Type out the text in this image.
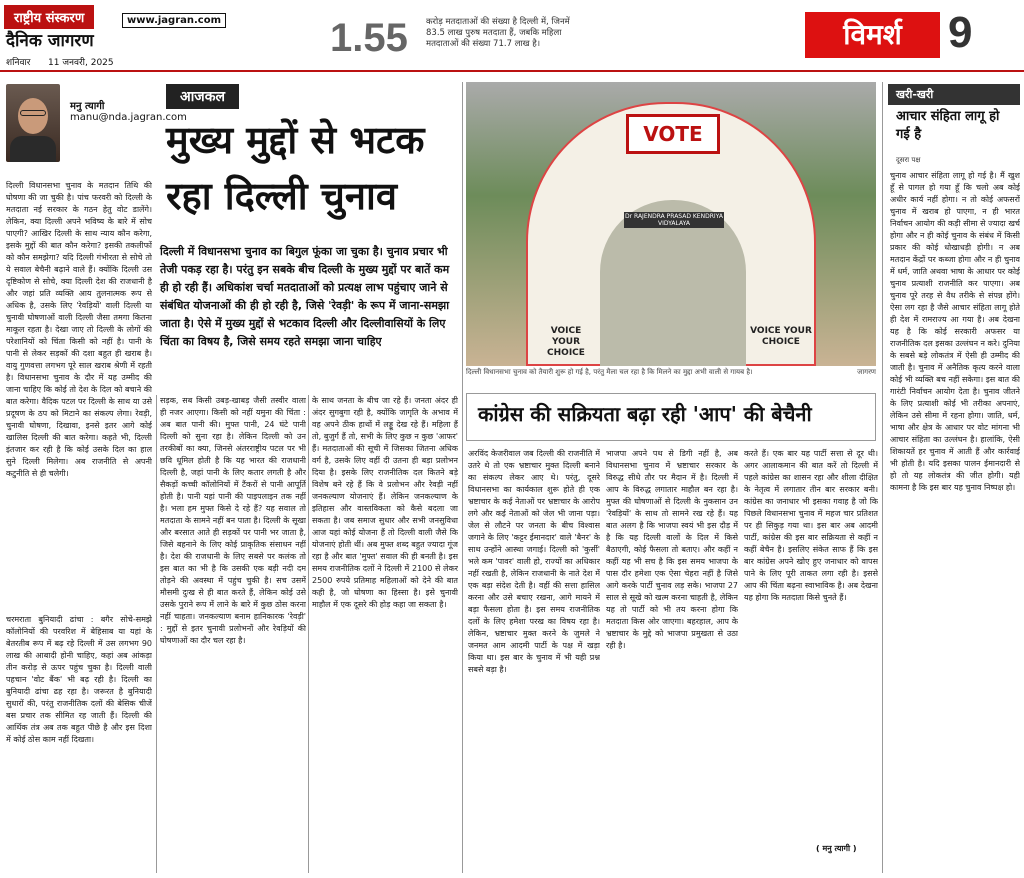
राष्ट्रीय संस्करण	www.jagran.com
दैनिक जागरण
शनिवार 11 जनवरी, 2025
1.55 करोड़ मतदाताओं की संख्या है दिल्ली में, जिनमें 83.5 लाख पुरुष मतदाता हैं, जबकि महिला मतदाताओं की संख्या 71.7 लाख है।	विमर्श	9
मनु त्यागी
manu@nda.jagran.com
आजकल
मुख्य मुद्दों से भटक रहा दिल्ली चुनाव
दिल्ली में विधानसभा चुनाव का बिगुल फूंका जा चुका है। चुनाव प्रचार भी तेजी पकड़ रहा है। परंतु इन सबके बीच दिल्ली के मुख्य मुद्दों पर बातें कम ही हो रही हैं। अधिकांश चर्चा मतदाताओं को प्रत्यक्ष लाभ पहुंचाए जाने से संबंधित योजनाओं की ही हो रही है, जिसे 'रेवड़ी' के रूप में जाना-समझा जाता है। ऐसे में मुख्य मुद्दों से भटकाव दिल्ली और दिल्लीवासियों के लिए चिंता का विषय है, जिसे समय रहते समझा जाना चाहिए
दिल्ली विधानसभा चुनाव के मतदान तिथि की घोषणा की जा चुकी है। पांच फरवरी को दिल्ली के मतदाता नई सरकार के गठन हेतु वोट डालेंगे। लेकिन, क्या दिल्ली अपने भविष्य के बारे में सोच पाएगी? आखिर दिल्ली के साथ न्याय कौन करेगा, इसके मुद्दों की बात कौन करेगा? इसकी तकलीफों को कौन समझेगा? यदि दिल्ली गंभीरता से सोचे तो ये सवाल बेचैनी बढ़ाने वाले हैं। क्योंकि दिल्ली उस दृष्टिकोण से सोचे, क्या दिल्ली देश की राजधानी है और जहां प्रति व्यक्ति आय तुलनात्मक रूप से अधिक है, उसके लिए 'रेवड़ियों' वाली दिल्ली या चुनावी घोषणाओं वाली दिल्ली जैसा तमगा कितना माकूल रहता है। देखा जाए तो दिल्ली के लोगों की परेशानियों को चिंता किसी को नहीं है। पानी के पानी से लेकर सड़कों की दशा बहुत ही खराब है। वायु गुणवत्ता लगभग पूरे साल खराब श्रेणी में रहती है। विधानसभा चुनाव के दौर में यह उम्मीद की जाना चाहिए कि कोई तो देश के दिल को बचाने की बात करेगा। वैदिक पटल पर दिल्ली के साथ या उसे प्रदूषण के ठप को मिटाने का संकल्प लेगा। रेवड़ी, चुनावी घोषणा, दिखावा, इनसे इतर आगे कोई खालिस दिल्ली की बात करेगा। कहते भी, दिल्ली इंतजार कर रही है कि कोई उसके दिल का हाल सुने दिल्ली मिलेगा। अब राजनीति से अपनी कटुनीति से ही चलेगी।
चरमराता बुनियादी ढांचा : बगैर सोचे-समझे कॉलोनियों की परवरिश में बेहिसाब या यहां के बेतरतीब रूप में बढ़ रहे दिल्ली में उस लगभग 90 लाख की आबादी होनी चाहिए, कहां अब आंकड़ा तीन करोड़ से ऊपर पहुंच चुका है। दिल्ली वाली पहचान 'वोट बैंक' भी बढ़ रही है। दिल्ली का बुनियादी ढांचा ढह रहा है। जरूरत है बुनियादी सुधारों की, परंतु राजनीतिक दलों की बेसिक चीजें बस प्रचार तक सीमित रह जाती हैं। दिल्ली की आर्थिक तंत्र अब तक बहुत पीछे है और इस दिशा में कोई ठोस काम नहीं दिखता।
सड़क, सब किसी उबड़-खाबड़ जैसी तस्वीर वाला ही नजर आएगा। किसी को नहीं यमुना की चिंता : अब बात पानी की। मुफ्त पानी, 24 घंटे पानी दिल्ली को सुना रहा है। लेकिन दिल्ली को उन तरकीबों का क्या, जिनसे अंतरराष्ट्रीय पटल पर भी छवि धूमिल होती है कि यह भारत की राजधानी दिल्ली है, जहां पानी के लिए कतार लगती है और सैकड़ों कच्ची कॉलोनियों में टैंकरों से पानी आपूर्ति होती है। पानी यहां पानी की पाइपलाइन तक नहीं है। भला हम मुफ्त किसे दे रहे हैं? यह सवाल तो मतदाता के सामने नहीं बन पाता है। दिल्ली के सूखा और बरसात आते ही सड़कों पर पानी भर जाता है, जिसे बहनाने के लिए कोई प्राकृतिक संसाधन नहीं है। देश की राजधानी के लिए सबसे पर कलंक तो इस बात का भी है कि उसकी एक बड़ी नदी दम तोड़ने की अवस्था में पहुंच चुकी है। सच उसमें मौसमी दुःख से ही बात करते हैं, लेकिन कोई उसे उसके पुराने रूप में लाने के बारे में कुछ ठोस करना नहीं चाहता। जनकल्याण बनाम हानिकारक 'रेवड़ी' : मुद्दों से इतर चुनावी प्रलोभनों और रेवड़ियों की घोषणाओं का दौर चल रहा है।
के साथ जनता के बीच जा रहे हैं। जनता अंदर ही अंदर सुगबुगा रही है, क्योंकि जागृति के अभाव में वह अपने ठीक हाथों में लड्डू देख रहे हैं। महिला हैं तो, बुजुर्ग हैं तो, सभी के लिए कुछ न कुछ 'आफर' हैं। मतदाताओं की सूची में जिसका जितना अधिक वर्ग है, उसके लिए वहीं दी उतना ही बड़ा प्रलोभन दिया है। इसके लिए राजनीतिक दल कितने बड़े विशेष बने रहे हैं कि वे प्रलोभन और रेवड़ी नहीं जनकल्याण योजनाएं हैं। लेकिन जनकल्याण के इतिहास और वास्तविकता को कैसे बदला जा सकता है। जब समाज सुधार और सभी जनसुविधा आज यहां कोई योजना हैं तो दिल्ली वाली जैसे कि योजनाएं होती थीं। अब मुफ्त शब्द बहुत ज्यादा गूंज रहा है और बात 'मुफ्त' सवाल की ही बनती है। इस समय राजनीतिक दलों ने दिल्ली में 2100 से लेकर 2500 रुपये प्रतिमाह महिलाओं को देने की बात कही है, जो घोषणा का हिस्सा है। इसे चुनावी माहौल में एक दूसरे की होड़ कहा जा सकता है।
VOTE
Dr RAJENDRA PRASAD KENDRIYA VIDYALAYA
VOICE YOUR CHOICE
VOICE YOUR CHOICE
दिल्ली विधानसभा चुनाव को तैयारी शुरू हो गई है, परंतु मैला चल रहा है कि मिलने का मुद्दा अभी वाली से गायब है।	जागरण
कांग्रेस की सक्रियता बढ़ा रही 'आप' की बेचैनी
अरविंद केजरीवाल जब दिल्ली की राजनीति में उतरे थे तो एक भ्रष्टाचार मुक्त दिल्ली बनाने का संकल्प लेकर आए थे। परंतु, दूसरे विधानसभा का कार्यकाल शुरू होते ही एक भ्रष्टाचार के कई नेताओं पर भ्रष्टाचार के आरोप लगे और कई नेताओं को जेल भी जाना पड़ा। जेल से लौटने पर जनता के बीच विश्वास जगाने के लिए 'कट्टर ईमानदार' वाले 'बैनर' के साथ उन्होंने आस्था जगाई। दिल्ली को 'कुर्सी' भले कम 'पावर' वाली हो, राज्यों का अधिकार नहीं रखती है, लेकिन राजधानी के नाते देश में एक बड़ा संदेश देती है। वहीं की सत्ता हासिल करना और उसे बचाए रखना, आगे मायने में बड़ा फैसला होता है। इस समय राजनीतिक दलों के लिए हमेशा परख का विषय रहा है। लेकिन, भ्रष्टाचार मुक्त करने के जुमले ने जनमत आम आदमी पार्टी के पक्ष में खड़ा किया था। इस बार के चुनाव में भी यही प्रश्न सबसे बड़ा है।
भाजपा अपने पथ से डिगी नहीं है, अब विधानसभा चुनाव में भ्रष्टाचार सरकार के विरुद्ध सीधे तौर पर मैदान में है। दिल्ली में आप के विरुद्ध लगातार माहौल बन रहा है। मुफ्त की घोषणाओं से दिल्ली के नुकसान उन 'रेवड़ियों' के साथ तो सामने रख रहे हैं। यह बात अलग है कि भाजपा स्वयं भी इस दौड़ में है कि यह दिल्ली वालों के दिल में किसे बैठाएगी, कोई फैसला तो बताए। और कहीं न कहीं यह भी सच है कि इस समय भाजपा के पास दौर हमेशा एक ऐसा चेहरा नहीं है जिसे आगे करके पार्टी चुनाव लड़ सके। भाजपा 27 साल से सूखे को खत्म करना चाहती है, लेकिन यह तो पार्टी को भी तय करना होगा कि मतदाता किस ओर जाएगा। बहरहाल, आप के भ्रष्टाचार के मुद्दे को भाजपा प्रमुखता से उठा रही है।
करते हैं। एक बार यह पार्टी सत्ता से दूर थी। अगर आलाकमान की बात करें तो दिल्ली में पहले कांग्रेस का शासन रहा और शीला दीक्षित के नेतृत्व में लगातार तीन बार सरकार बनी। कांग्रेस का जनाधार भी इसका गवाह है जो कि पिछले विधानसभा चुनाव में महज चार प्रतिशत पर ही सिकुड़ गया था। इस बार अब आदमी पार्टी, कांग्रेस की इस बार सक्रियता से कहीं न कहीं बेचैन है। इसलिए संकेत साफ हैं कि इस बार कांग्रेस अपने खोए हुए जनाधार को वापस पाने के लिए पूरी ताकत लगा रही है। इससे आप की चिंता बढ़ना स्वाभाविक है। अब देखना यह होगा कि मतदाता किसे चुनते हैं।
( मनु त्यागी )
खरी-खरी
आचार संहिता लागू हो गई है
दूसरा पक्ष
चुनाव आचार संहिता लागू हो गई है। मैं खुश हूँ से पागल हो गया हूँ कि चलो अब कोई अधीर कार्य नहीं होगा। न तो कोई अफसरों चुनाव में खराब हो पाएगा, न ही भारत निर्वाचन आयोग की कड़ी सीमा से ज्यादा खर्च होगा और न ही कोई चुनाव के संबंध में किसी प्रकार की कोई धोखाधड़ी होगी। न अब मतदान केंद्रों पर कब्जा होगा और न ही चुनाव में धर्म, जाति अथवा भाषा के आधार पर कोई चुनाव प्रत्याशी राजनीति कर पाएगा। अब चुनाव पूरे तरह से वैध तरीके से संपन्न होंगे। ऐसा लग रहा है जैसे आचार संहिता लागू होते ही देश में रामराज्य आ गया है। अब देखना यह है कि कोई सरकारी अफसर या राजनीतिक दल इसका उल्लंघन न करे। दुनिया के सबसे बड़े लोकतंत्र में ऐसी ही उम्मीद की जाती है। चुनाव में अनैतिक कृत्य करने वाला कोई भी व्यक्ति बच नहीं सकेगा। इस बात की गारंटी निर्वाचन आयोग देता है। चुनाव जीतने के लिए प्रत्याशी कोई भी तरीका अपनाएं, लेकिन उसे सीमा में रहना होगा। जाति, धर्म, भाषा और क्षेत्र के आधार पर वोट मांगना भी आचार संहिता का उल्लंघन है। हालांकि, ऐसी शिकायतें हर चुनाव में आती हैं और कार्रवाई भी होती है। यदि इसका पालन ईमानदारी से हो तो यह लोकतंत्र की जीत होगी। यही कामना है कि इस बार यह चुनाव निष्पक्ष हो।
